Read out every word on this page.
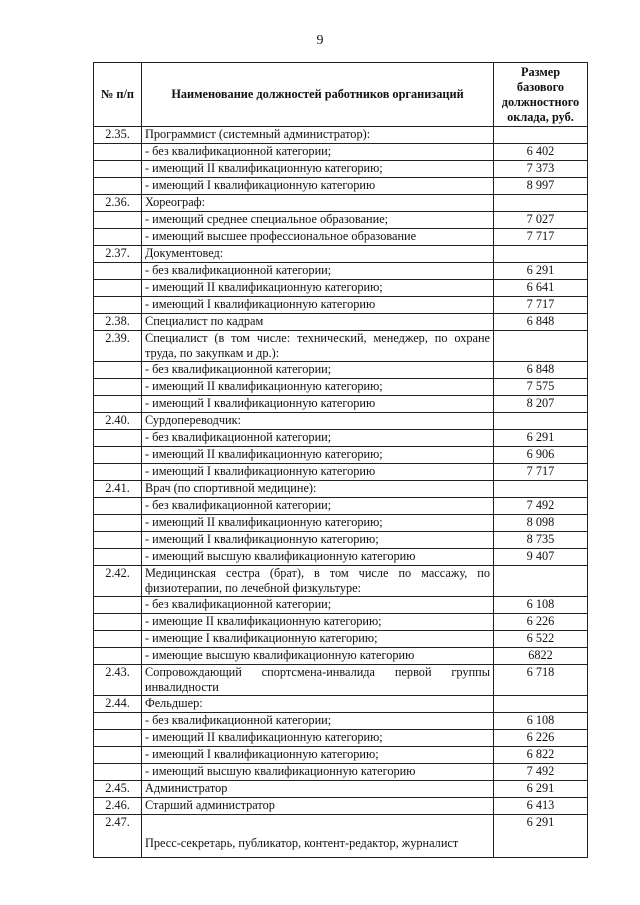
9
№ п/п	Наименование должностей работников организаций	Размер базового должностного оклада, руб.
2.35.	Программист (системный администратор):	
	- без квалификационной категории;	6 402
	- имеющий II квалификационную категорию;	7 373
	- имеющий I квалификационную категорию	8 997
2.36.	Хореограф:	
	- имеющий среднее специальное образование;	7 027
	- имеющий высшее профессиональное образование	7 717
2.37.	Документовед:	
	- без квалификационной категории;	6 291
	- имеющий II квалификационную категорию;	6 641
	- имеющий I квалификационную категорию	7 717
2.38.	Специалист по кадрам	6 848
2.39.	Специалист (в том числе: технический, менеджер, по охране труда, по закупкам и др.):	
	- без квалификационной категории;	6 848
	- имеющий II квалификационную категорию;	7 575
	- имеющий I квалификационную категорию	8 207
2.40.	Сурдопереводчик:	
	- без квалификационной категории;	6 291
	- имеющий II квалификационную категорию;	6 906
	- имеющий I квалификационную категорию	7 717
2.41.	Врач (по спортивной медицине):	
	- без квалификационной категории;	7 492
	- имеющий II квалификационную категорию;	8 098
	- имеющий I квалификационную категорию;	8 735
	- имеющий высшую квалификационную категорию	9 407
2.42.	Медицинская сестра (брат), в том числе по массажу, по физиотерапии, по лечебной физкультуре:	
	- без квалификационной категории;	6 108
	- имеющие II квалификационную категорию;	6 226
	- имеющие I квалификационную категорию;	6 522
	- имеющие высшую квалификационную категорию	6822
2.43.	Сопровождающий спортсмена-инвалида первой группы инвалидности	6 718
2.44.	Фельдшер:	
	- без квалификационной категории;	6 108
	- имеющий II квалификационную категорию;	6 226
	- имеющий I квалификационную категорию;	6 822
	- имеющий высшую квалификационную категорию	7 492
2.45.	Администратор	6 291
2.46.	Старший администратор	6 413
2.47.	Пресс-секретарь, публикатор, контент-редактор, журналист	6 291
